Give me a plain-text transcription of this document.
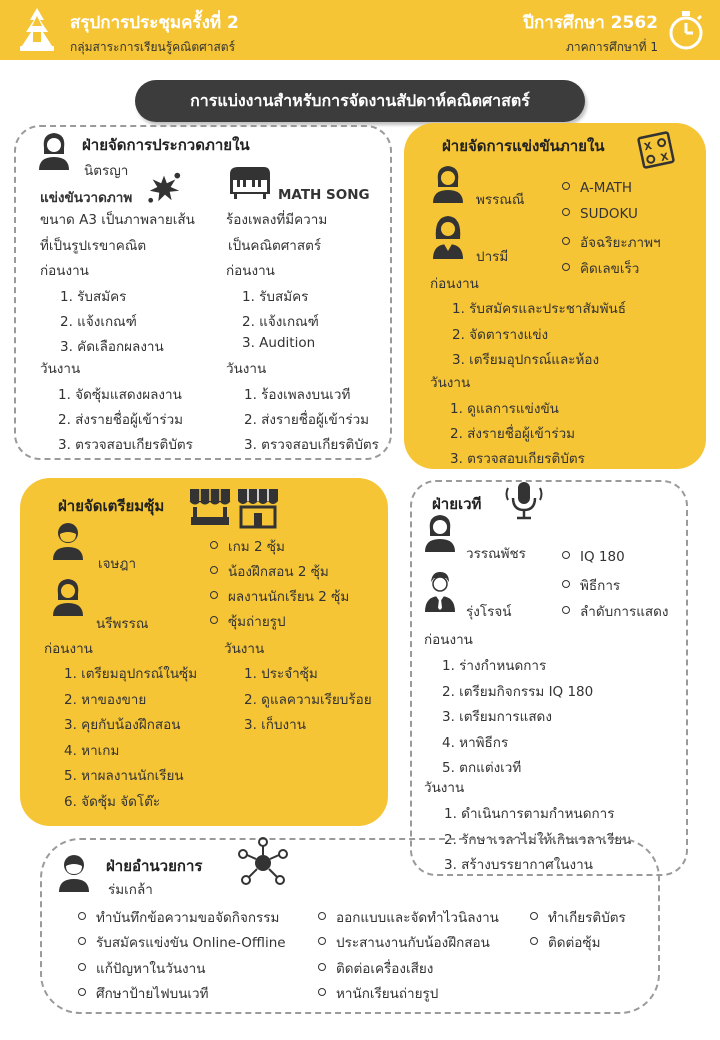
สรุปการประชุมครั้งที่ 2
กลุ่มสาระการเรียนรู้คณิตศาสตร์
ปีการศึกษา 2562
ภาคการศึกษาที่ 1
การแบ่งงานสำหรับการจัดงานสัปดาห์คณิตศาสตร์
ฝ่ายจัดการประกวดภายใน
นิตรญา
แข่งขันวาดภาพ
ขนาด A3 เป็นภาพลายเส้น
ที่เป็นรูปเรขาคณิต
ก่อนงาน
1. รับสมัคร
2. แจ้งเกณฑ์
3. คัดเลือกผลงาน
วันงาน
1. จัดซุ้มแสดงผลงาน
2. ส่งรายชื่อผู้เข้าร่วม
3. ตรวจสอบเกียรติบัตร
MATH SONG
ร้องเพลงที่มีความ
เป็นคณิตศาสตร์
ก่อนงาน
1. รับสมัคร
2. แจ้งเกณฑ์
3. Audition
วันงาน
1. ร้องเพลงบนเวที
2. ส่งรายชื่อผู้เข้าร่วม
3. ตรวจสอบเกียรติบัตร
ฝ่ายจัดการแข่งขันภายใน	X
X
พรรณณี
ปารมี
A-MATH
SUDOKU
อัจฉริยะภาพฯ
คิดเลขเร็ว
ก่อนงาน
1. รับสมัครและประชาสัมพันธ์
2. จัดตารางแข่ง
3. เตรียมอุปกรณ์และห้อง
วันงาน
1. ดูแลการแข่งขัน
2. ส่งรายชื่อผู้เข้าร่วม
3. ตรวจสอบเกียรติบัตร
ฝ่ายจัดเตรียมซุ้ม
เจษฎา
นรีพรรณ
เกม 2 ซุ้ม
น้องฝึกสอน 2 ซุ้ม
ผลงานนักเรียน 2 ซุ้ม
ซุ้มถ่ายรูป
ก่อนงาน	วันงาน
1. เตรียมอุปกรณ์ในซุ้ม
2. หาของขาย
3. คุยกับน้องฝึกสอน
4. หาเกม
5. หาผลงานนักเรียน
6. จัดซุ้ม จัดโต๊ะ
1. ประจำซุ้ม
2. ดูแลความเรียบร้อย
3. เก็บงาน
ฝ่ายเวที
วรรณพัชร
รุ่งโรจน์
IQ 180
พิธีการ
ลำดับการแสดง
ก่อนงาน
1. ร่างกำหนดการ
2. เตรียมกิจกรรม IQ 180
3. เตรียมการแสดง
4. หาพิธีกร
5. ตกแต่งเวที
วันงาน
1. ดำเนินการตามกำหนดการ
2. รักษาเวลาไม่ให้เกินเวลาเรียน
3. สร้างบรรยากาศในงาน
ฝ่ายอำนวยการ
ร่มเกล้า
ทำบันทึกข้อความขอจัดกิจกรรม
รับสมัครแข่งขัน Online-Offline
แก้ปัญหาในวันงาน
ศึกษาป้ายไฟบนเวที
ออกแบบและจัดทำไวนิลงาน
ประสานงานกับน้องฝึกสอน
ติดต่อเครื่องเสียง
หานักเรียนถ่ายรูป
ทำเกียรติบัตร
ติดต่อซุ้ม
